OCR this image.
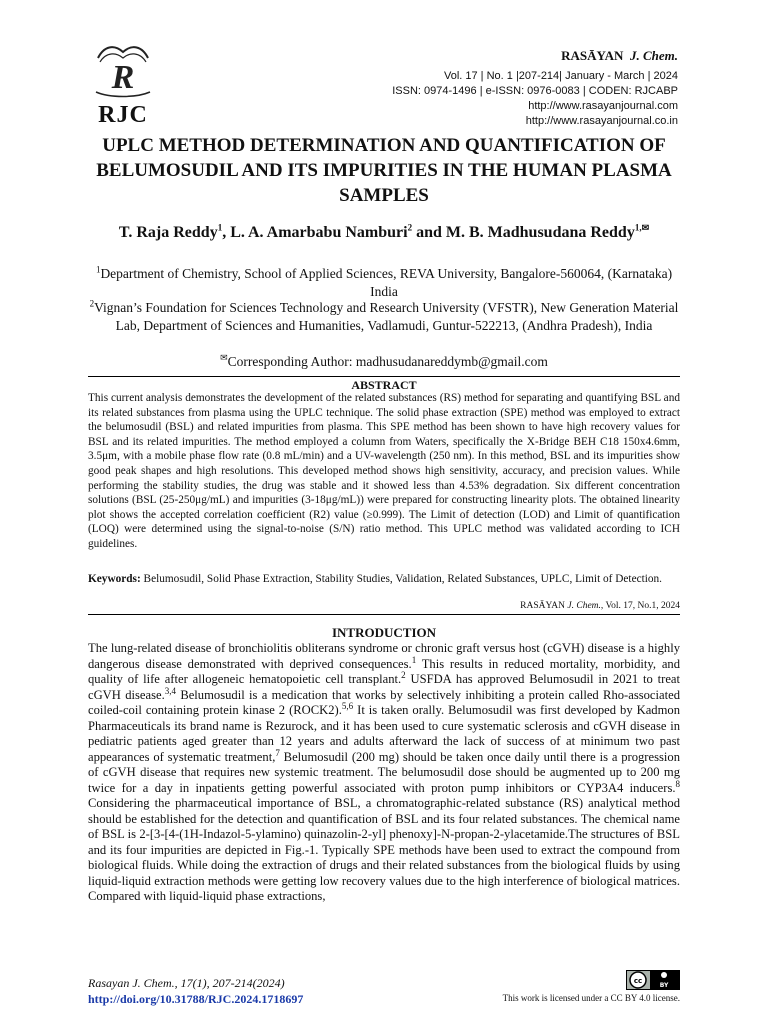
R
RJC
RASĀYAN J. Chem.
Vol. 17 | No. 1 |207-214| January - March | 2024
ISSN: 0974-1496 | e-ISSN: 0976-0083 | CODEN: RJCABP
http://www.rasayanjournal.com
http://www.rasayanjournal.co.in
UPLC METHOD DETERMINATION AND QUANTIFICATION OF BELUMOSUDIL AND ITS IMPURITIES IN THE HUMAN PLASMA SAMPLES
T. Raja Reddy$^1$, L. A. Amarbabu Namburi$^2$ and M. B. Madhusudana Reddy$^{1,✉}$
$^1$Department of Chemistry, School of Applied Sciences, REVA University, Bangalore-560064, (Karnataka) India
$^2$Vignan’s Foundation for Sciences Technology and Research University (VFSTR), New Generation Material Lab, Department of Sciences and Humanities, Vadlamudi, Guntur-522213, (Andhra Pradesh), India
✉Corresponding Author: madhusudanareddymb@gmail.com
ABSTRACT
This current analysis demonstrates the development of the related substances (RS) method for separating and quantifying BSL and its related substances from plasma using the UPLC technique. The solid phase extraction (SPE) method was employed to extract the belumosudil (BSL) and related impurities from plasma. This SPE method has been shown to have high recovery values for BSL and its related impurities. The method employed a column from Waters, specifically the X-Bridge BEH C18 150x4.6mm, 3.5μm, with a mobile phase flow rate (0.8 mL/min) and a UV-wavelength (250 nm). In this method, BSL and its impurities show good peak shapes and high resolutions. This developed method shows high sensitivity, accuracy, and precision values. While performing the stability studies, the drug was stable and it showed less than 4.53% degradation. Six different concentration solutions (BSL (25-250μg/mL) and impurities (3-18μg/mL)) were prepared for constructing linearity plots. The obtained linearity plot shows the accepted correlation coefficient (R2) value (≥0.999). The Limit of detection (LOD) and Limit of quantification (LOQ) were determined using the signal-to-noise (S/N) ratio method. This UPLC method was validated according to ICH guidelines.
Keywords: Belumosudil, Solid Phase Extraction, Stability Studies, Validation, Related Substances, UPLC, Limit of Detection.
RASĀYAN J. Chem., Vol. 17, No.1, 2024
INTRODUCTION
The lung-related disease of bronchiolitis obliterans syndrome or chronic graft versus host (cGVH) disease is a highly dangerous disease demonstrated with deprived consequences.$^1$ This results in reduced mortality, morbidity, and quality of life after allogeneic hematopoietic cell transplant.$^2$ USFDA has approved Belumosudil in 2021 to treat cGVH disease.$^{3,4}$ Belumosudil is a medication that works by selectively inhibiting a protein called Rho-associated coiled-coil containing protein kinase 2 (ROCK2).$^{5,6}$ It is taken orally. Belumosudil was first developed by Kadmon Pharmaceuticals its brand name is Rezurock, and it has been used to cure systematic sclerosis and cGVH disease in pediatric patients aged greater than 12 years and adults afterward the lack of success of at minimum two past appearances of systematic treatment,$^7$ Belumosudil (200 mg) should be taken once daily until there is a progression of cGVH disease that requires new systemic treatment. The belumosudil dose should be augmented up to 200 mg twice for a day in inpatients getting powerful associated with proton pump inhibitors or CYP3A4 inducers.$^8$ Considering the pharmaceutical importance of BSL, a chromatographic-related substance (RS) analytical method should be established for the detection and quantification of BSL and its four related substances. The chemical name of BSL is 2-[3-[4-(1H-Indazol-5-ylamino) quinazolin-2-yl] phenoxy]-N-propan-2-ylacetamide.The structures of BSL and its four impurities are depicted in Fig.-1. Typically SPE methods have been used to extract the compound from biological fluids. While doing the extraction of drugs and their related substances from the biological fluids by using liquid-liquid extraction methods were getting low recovery values due to the high interference of biological matrices. Compared with liquid-liquid phase extractions,
Rasayan J. Chem., 17(1), 207-214(2024)
http://doi.org/10.31788/RJC.2024.1718697
cc
BY
This work is licensed under a CC BY 4.0 license.
